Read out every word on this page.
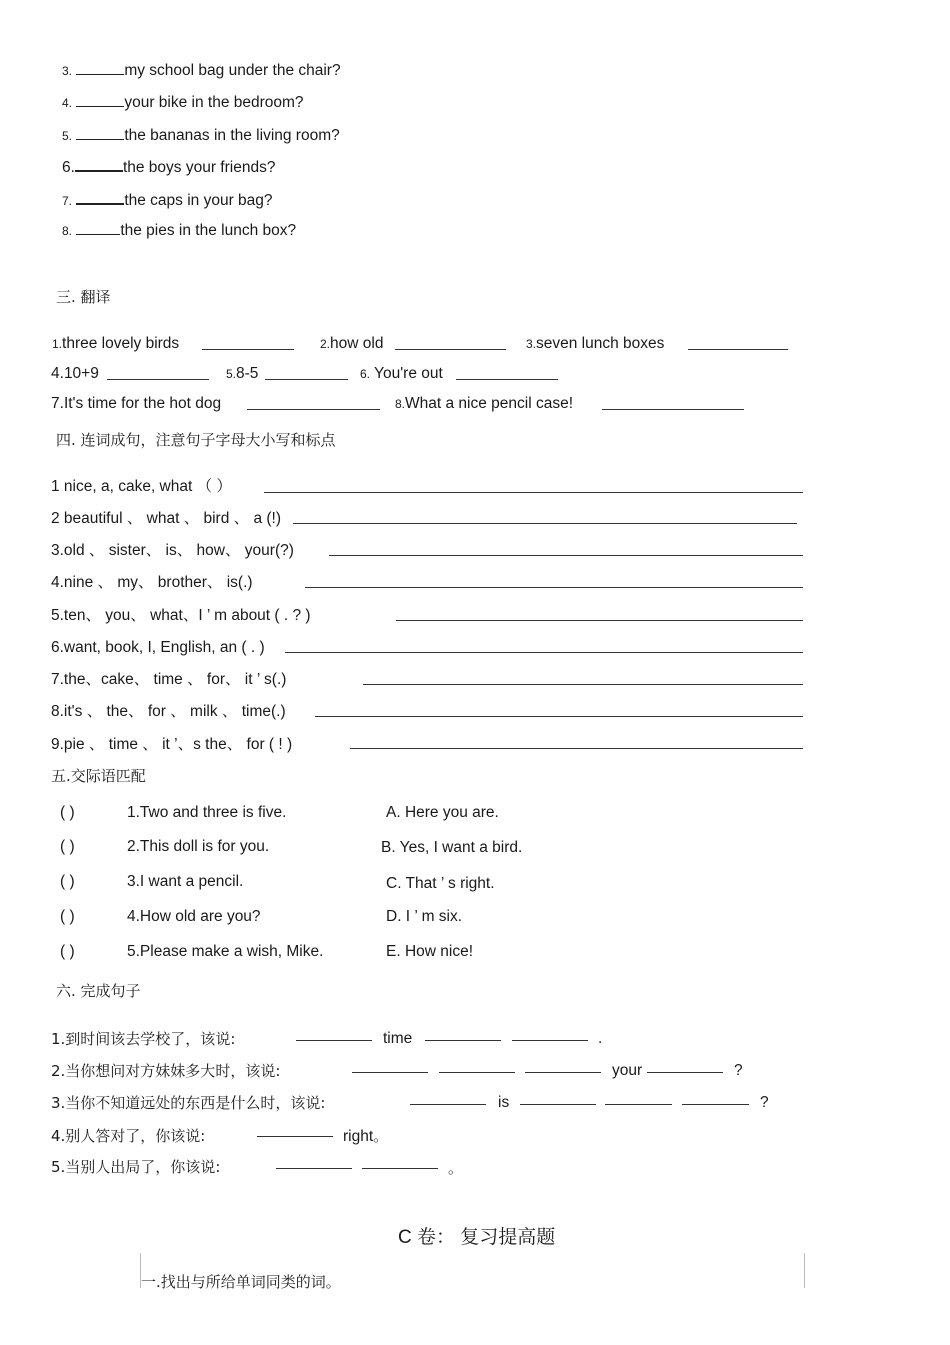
3.	my school bag under the chair?
4.	your bike in the bedroom?
5.	the bananas in the living room?
6.	the boys your friends?
7.	the caps in your bag?
8.	the pies in the lunch box?
三. 翻译
1.three lovely birds	2.how old	3.seven lunch boxes
4.10+9	5.8-5	6. You're out
7.It's time for the hot dog	8.What a nice pencil case!
四. 连词成句，注意句子字母大小写和标点
1 nice, a, cake, what （ ）
2 beautiful 、 what 、 bird 、 a (!)
3.old 、 sister、 is、 how、 your(?)
4.nine 、 my、 brother、 is(.)
5.ten、 you、 what、I ’ m about ( . ? )
6.want, book, I, English, an ( . )
7.the、cake、 time 、 for、 it ’ s(.)
8.it's 、 the、 for 、 milk 、 time(.)
9.pie 、 time 、 it ’、s the、 for ( ! )
五.交际语匹配
( )	1.Two and three is five.	A. Here you are.
( )	2.This doll is for you.	B. Yes, I want a bird.
( )	3.I want a pencil.	C. That ’ s right.
( )	4.How old are you?	D. I ’ m six.
( )	5.Please make a wish, Mike.	E. How nice!
六. 完成句子
1.到时间该去学校了，该说:	time	.
2.当你想问对方妹妹多大时，该说:	your	?
3.当你不知道远处的东西是什么时，该说:	is	?
4.别人答对了，你该说:	right。
5.当别人出局了，你该说:	。
C 卷： 复习提高题
一.找出与所给单词同类的词。
